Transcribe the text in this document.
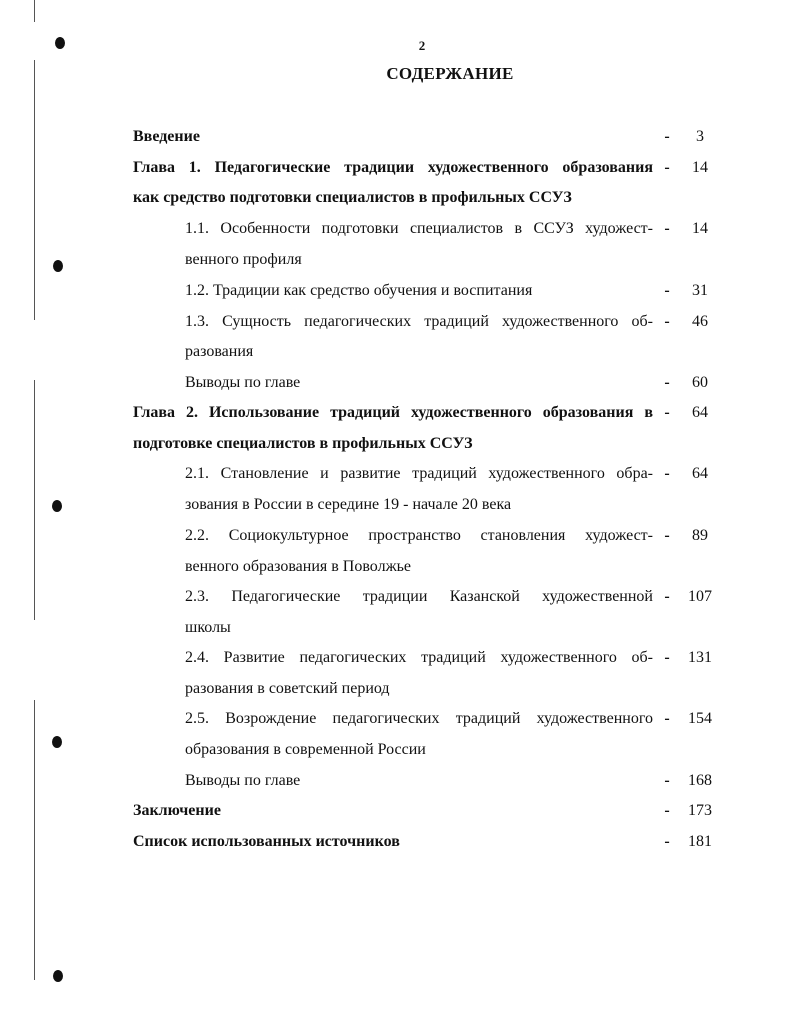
2
СОДЕРЖАНИЕ
Введение	-	3
Глава 1. Педагогические традиции художественного образования
как средство подготовки специалистов в профильных ССУЗ
-	14
1.1. Особенности подготовки специалистов в ССУЗ художест-
венного профиля
-	14
1.2. Традиции как средство обучения и воспитания	-	31
1.3. Сущность педагогических традиций художественного об-
разования
-	46
Выводы по главе	-	60
Глава 2. Использование традиций художественного образования в
подготовке специалистов в профильных ССУЗ
-	64
2.1. Становление и развитие традиций художественного обра-
зования в России в середине 19 - начале 20 века
-	64
2.2. Социокультурное пространство становления художест-
венного образования в Поволжье
-	89
2.3. Педагогические традиции Казанской художественной
школы
-	107
2.4. Развитие педагогических традиций художественного об-
разования в советский период
-	131
2.5. Возрождение педагогических традиций художественного
образования в современной России
-	154
Выводы по главе	-	168
Заключение	-	173
Список использованных источников	-	181
